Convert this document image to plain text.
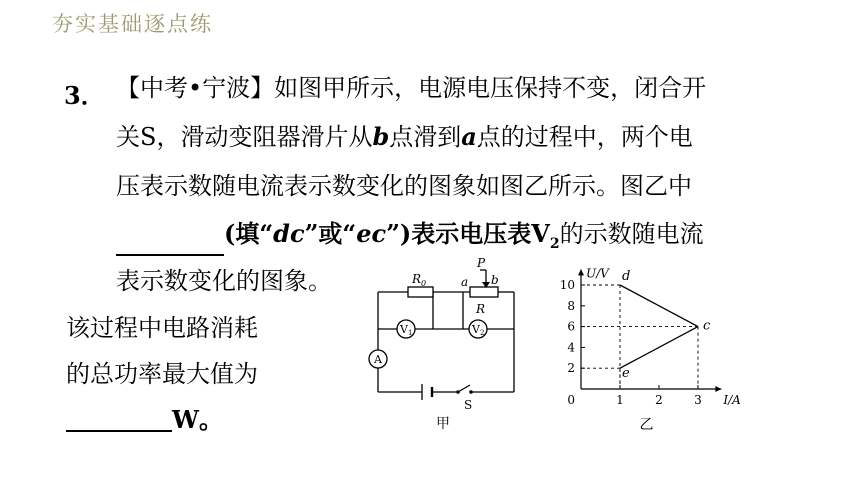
夯实基础逐点练
3． 【中考•宁波】如图甲所示，电源电压保持不变，闭合开
关S，滑动变阻器滑片从b点滑到a点的过程中，两个电
压表示数随电流表示数变化的图象如图乙所示。图乙中
(填“dc”或“ec”)表示电压表$V_2$的示数随电流
表示数变化的图象。
该过程中电路消耗
的总功率最大值为
W。
$R_0$
P
a b
R
V1	V2
A
S
甲
2
4
6
8
10
1	2	3
0
d
c
e
U/V
I/A
乙
